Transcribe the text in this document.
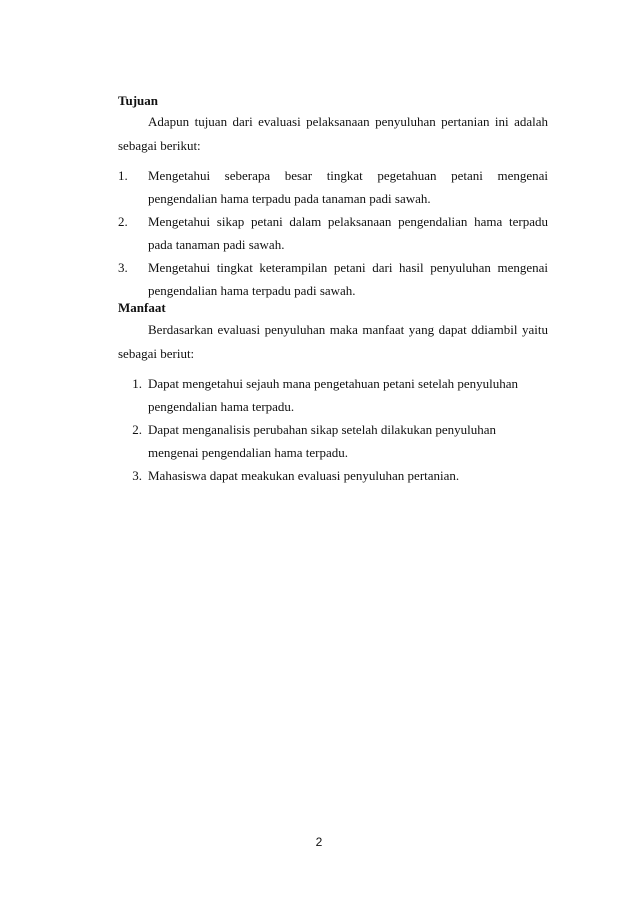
Tujuan

Adapun tujuan dari evaluasi pelaksanaan penyuluhan pertanian ini adalah sebagai berikut:

1.	Mengetahui seberapa besar tingkat pegetahuan petani mengenai pengendalian hama terpadu pada tanaman padi sawah.
2.	Mengetahui sikap petani dalam pelaksanaan pengendalian hama terpadu pada tanaman padi sawah.
3.	Mengetahui tingkat keterampilan petani dari hasil penyuluhan mengenai pengendalian hama terpadu padi sawah.
Manfaat

Berdasarkan evaluasi penyuluhan maka manfaat yang dapat ddiambil yaitu sebagai beriut:

1. Dapat mengetahui sejauh mana pengetahuan petani setelah penyuluhan
pengendalian hama terpadu.
2. Dapat menganalisis perubahan sikap setelah dilakukan penyuluhan
mengenai pengendalian hama terpadu.
3. Mahasiswa dapat meakukan evaluasi penyuluhan pertanian.
2
